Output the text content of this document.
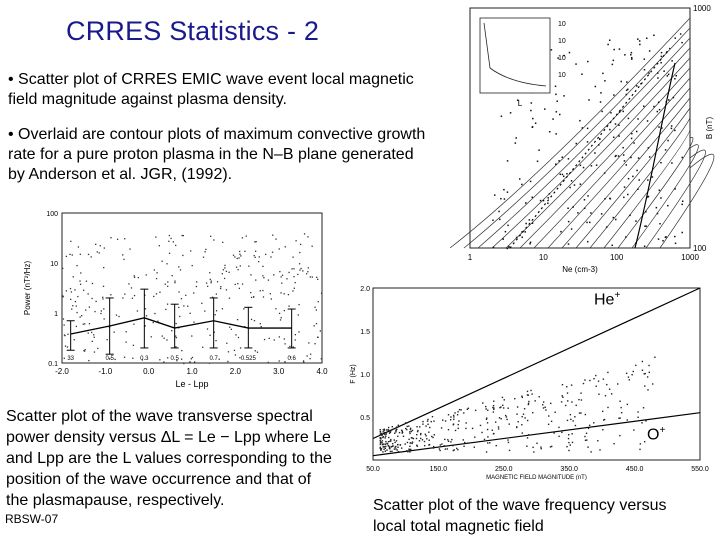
CRRES Statistics - 2
• Scatter plot of CRRES EMIC wave event local magnetic field magnitude against plasma density.
• Overlaid are contour plots of maximum convective growth rate for a pure proton plasma in the N–B plane generated by Anderson et al. JGR, (1992).
L
10
10
10
10
1	10	100	1000
100
1000
Ne (cm-3)
B (nT)
33	0.5	0.3	0.5	0.7	0.525	0.6
-2.0	-1.0	0.0	1.0	2.0	3.0	4.0
100
10
1
0.1
Le - Lpp
Power (nT²/Hz)
50.0	150.0	250.0	350.0	450.0	550.0
2.0
1.5
1.0
0.5
MAGNETIC FIELD MAGNITUDE (nT)
F (Hz)
He+
O+
Scatter plot of the wave transverse spectral power density versus ΔL = Le − Lpp where Le and Lpp are the L values corresponding to the position of the wave occurrence and that of the plasmapause, respectively.	Scatter plot of the wave frequency versus local total magnetic field
RBSW-07
